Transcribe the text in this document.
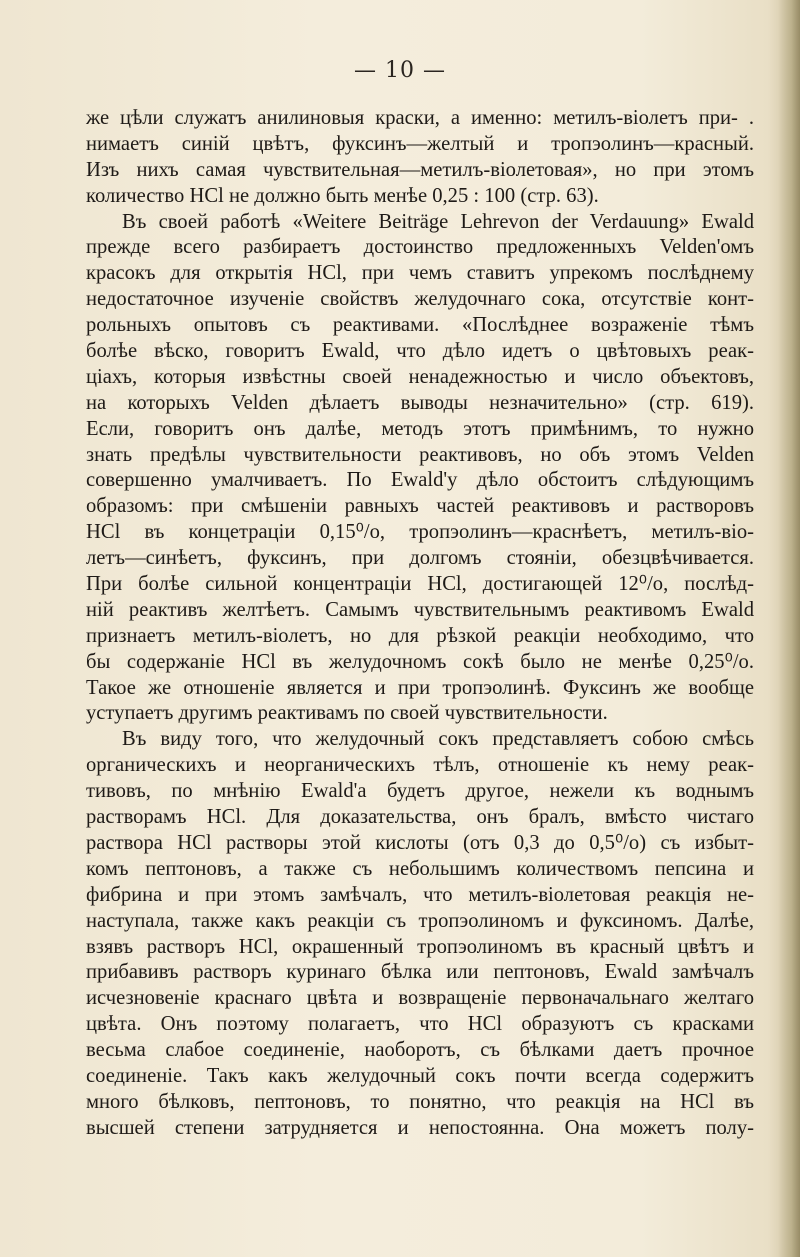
— 10 —
же цѣли служатъ анилиновыя краски, а именно: метилъ-віолетъ при- .
нимаетъ синій цвѣтъ, фуксинъ—желтый и тропэолинъ—красный.
Изъ нихъ самая чувствительная—метилъ-віолетовая», но при этомъ
количество HCl не должно быть менѣе 0,25 : 100 (стр. 63).
Въ своей работѣ «Weitere Beiträge Lehrevon der Verdauung» Ewald
прежде всего разбираетъ достоинство предложенныхъ Velden'омъ
красокъ для открытія HCl, при чемъ ставитъ упрекомъ послѣднему
недостаточное изученіе свойствъ желудочнаго сока, отсутствіе конт-
рольныхъ опытовъ съ реактивами. «Послѣднее возраженіе тѣмъ
болѣе вѣско, говоритъ Ewald, что дѣло идетъ о цвѣтовыхъ реак-
ціахъ, которыя извѣстны своей ненадежностью и число объектовъ,
на которыхъ Velden дѣлаетъ выводы незначительно» (стр. 619).
Если, говоритъ онъ далѣе, методъ этотъ примѣнимъ, то нужно
знать предѣлы чувствительности реактивовъ, но объ этомъ Velden
совершенно умалчиваетъ. По Ewald'у дѣло обстоитъ слѣдующимъ
образомъ: при смѣшеніи равныхъ частей реактивовъ и растворовъ
HCl въ концетраціи 0,15⁰/о, тропэолинъ—краснѣетъ, метилъ-віо-
летъ—синѣетъ, фуксинъ, при долгомъ стояніи, обезцвѣчивается.
При болѣе сильной концентраціи HCl, достигающей 12⁰/о, послѣд-
ній реактивъ желтѣетъ. Самымъ чувствительнымъ реактивомъ Ewald
признаетъ метилъ-віолетъ, но для рѣзкой реакціи необходимо, что
бы содержаніе HCl въ желудочномъ сокѣ было не менѣе 0,25⁰/о.
Такое же отношеніе является и при тропэолинѣ. Фуксинъ же вообще
уступаетъ другимъ реактивамъ по своей чувствительности.
Въ виду того, что желудочный сокъ представляетъ собою смѣсь
органическихъ и неорганическихъ тѣлъ, отношеніе къ нему реак-
тивовъ, по мнѣнію Ewald'а будетъ другое, нежели къ воднымъ
растворамъ HCl. Для доказательства, онъ бралъ, вмѣсто чистаго
раствора HCl растворы этой кислоты (отъ 0,3 до 0,5⁰/о) съ избыт-
комъ пептоновъ, а также съ небольшимъ количествомъ пепсина и
фибрина и при этомъ замѣчалъ, что метилъ-віолетовая реакція не-
наступала, также какъ реакціи съ тропэолиномъ и фуксиномъ. Далѣе,
взявъ растворъ HCl, окрашенный тропэолиномъ въ красный цвѣтъ и
прибавивъ растворъ куринаго бѣлка или пептоновъ, Ewald замѣчалъ
исчезновеніе краснаго цвѣта и возвращеніе первоначальнаго желтаго
цвѣта. Онъ поэтому полагаетъ, что HCl образуютъ съ красками
весьма слабое соединеніе, наоборотъ, съ бѣлками даетъ прочное
соединеніе. Такъ какъ желудочный сокъ почти всегда содержитъ
много бѣлковъ, пептоновъ, то понятно, что реакція на HCl въ
высшей степени затрудняется и непостоянна. Она можетъ полу-
